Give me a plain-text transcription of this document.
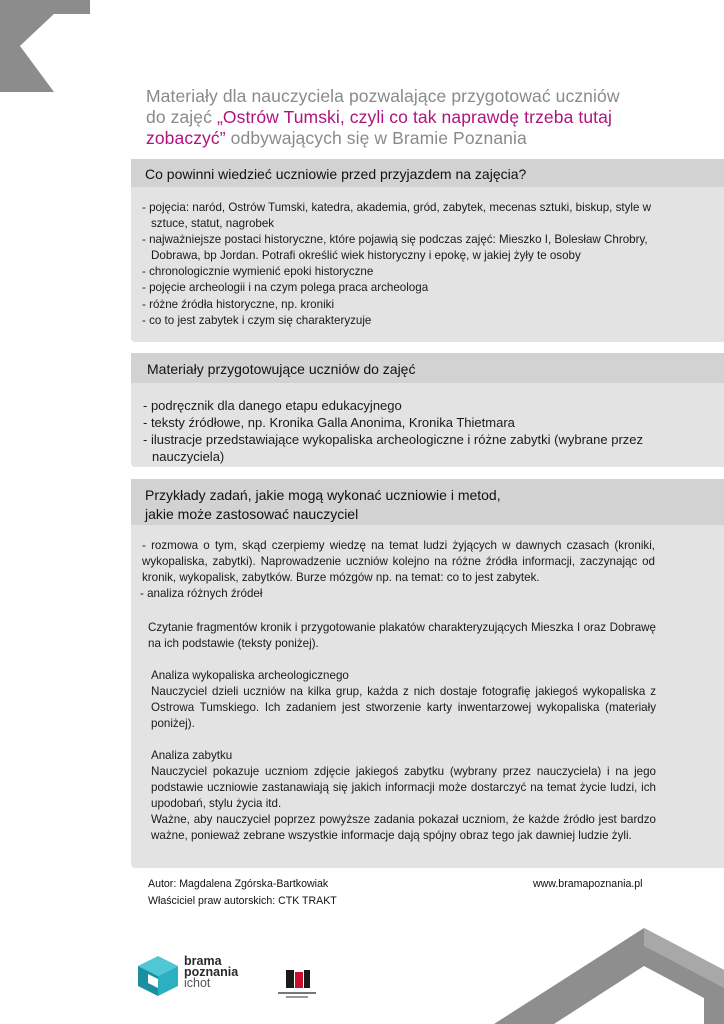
Materiały dla nauczyciela pozwalające przygotować uczniów
do zajęć „Ostrów Tumski, czyli co tak naprawdę trzeba tutaj
zobaczyć” odbywających się w Bramie Poznania
Co powinni wiedzieć uczniowie przed przyjazdem na zajęcia?
- pojęcia: naród, Ostrów Tumski, katedra, akademia, gród, zabytek, mecenas sztuki, biskup, style w sztuce, statut, nagrobek
- najważniejsze postaci historyczne, które pojawią się podczas zajęć: Mieszko I, Bolesław Chrobry, Dobrawa, bp Jordan. Potrafi określić wiek historyczny i epokę, w jakiej żyły te osoby
- chronologicznie wymienić epoki historyczne
- pojęcie archeologii i na czym polega praca archeologa
- różne źródła historyczne, np. kroniki
- co to jest zabytek i czym się charakteryzuje
Materiały przygotowujące uczniów do zajęć
- podręcznik dla danego etapu edukacyjnego
- teksty źródłowe, np. Kronika Galla Anonima, Kronika Thietmara
- ilustracje przedstawiające wykopaliska archeologiczne i różne zabytki (wybrane przez nauczyciela)
Przykłady zadań, jakie mogą wykonać uczniowie i metod,
jakie może zastosować nauczyciel

- rozmowa o tym, skąd czerpiemy wiedzę na temat ludzi żyjących w dawnych czasach (kroniki, wykopaliska, zabytki). Naprowadzenie uczniów kolejno na różne źródła informacji, zaczynając od kronik, wykopalisk, zabytków. Burze mózgów np. na temat: co to jest zabytek.

- analiza różnych źródeł

Czytanie fragmentów kronik i przygotowanie plakatów charakteryzujących Mieszka I oraz Dobrawę na ich podstawie (teksty poniżej).

Analiza wykopaliska archeologicznego

Nauczyciel dzieli uczniów na kilka grup, każda z nich dostaje fotografię jakiegoś wykopaliska z Ostrowa Tumskiego. Ich zadaniem jest stworzenie karty inwentarzowej wykopaliska (materiały poniżej).

Analiza zabytku

Nauczyciel pokazuje uczniom zdjęcie jakiegoś zabytku (wybrany przez nauczyciela) i na jego podstawie uczniowie zastanawiają się jakich informacji może dostarczyć na temat życie ludzi, ich upodobań, stylu życia itd.

Ważne, aby nauczyciel poprzez powyższe zadania pokazał uczniom, że każde źródło jest bardzo ważne, ponieważ zebrane wszystkie informacje dają spójny obraz tego jak dawniej ludzie żyli.

Autor: Magdalena Zgórska-Bartkowiak
Właściciel praw autorskich: CTK TRAKT
www.bramapoznania.pl
brama
poznania
ichot
